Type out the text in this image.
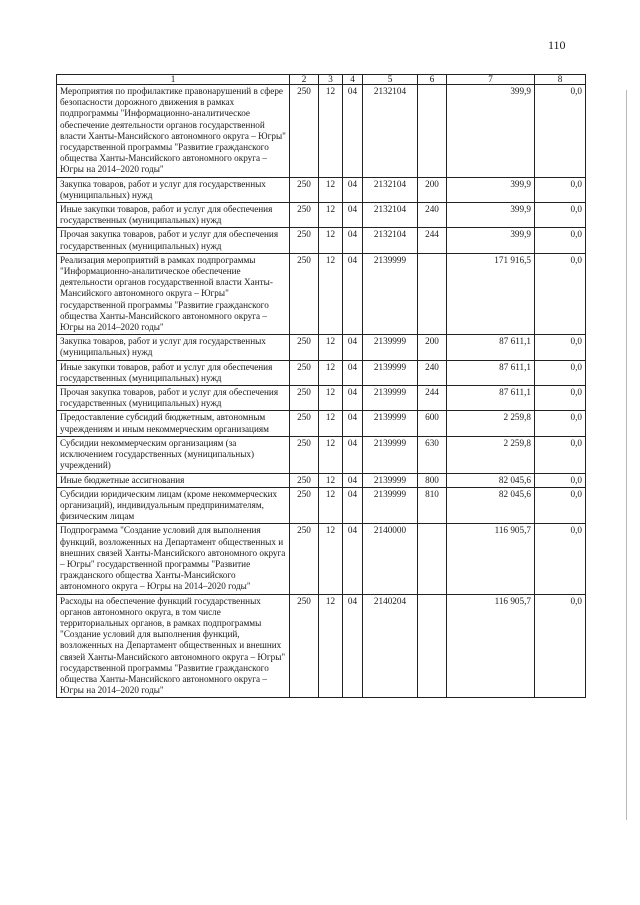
110
1	2	3	4	5	6	7	8
Мероприятия по профилактике правонарушений в сфере безопасности дорожного движения в рамках подпрограммы "Информационно-аналитическое обеспечение деятельности органов государственной власти Ханты-Мансийского автономного округа – Югры" государственной программы "Развитие гражданского общества Ханты-Мансийского автономного округа – Югры на 2014–2020 годы"	250	12	04	2132104		399,9	0,0
Закупка товаров, работ и услуг для государственных (муниципальных) нужд	250	12	04	2132104	200	399,9	0,0
Иные закупки товаров, работ и услуг для обеспечения государственных (муниципальных) нужд	250	12	04	2132104	240	399,9	0,0
Прочая закупка товаров, работ и услуг для обеспечения государственных (муниципальных) нужд	250	12	04	2132104	244	399,9	0,0
Реализация мероприятий в рамках подпрограммы "Информационно-аналитическое обеспечение деятельности органов государственной власти Ханты-Мансийского автономного округа – Югры" государственной программы "Развитие гражданского общества Ханты-Мансийского автономного округа – Югры на 2014–2020 годы"	250	12	04	2139999		171 916,5	0,0
Закупка товаров, работ и услуг для государственных (муниципальных) нужд	250	12	04	2139999	200	87 611,1	0,0
Иные закупки товаров, работ и услуг для обеспечения государственных (муниципальных) нужд	250	12	04	2139999	240	87 611,1	0,0
Прочая закупка товаров, работ и услуг для обеспечения государственных (муниципальных) нужд	250	12	04	2139999	244	87 611,1	0,0
Предоставление субсидий бюджетным, автономным учреждениям и иным некоммерческим организациям	250	12	04	2139999	600	2 259,8	0,0
Субсидии некоммерческим организациям (за исключением государственных (муниципальных) учреждений)	250	12	04	2139999	630	2 259,8	0,0
Иные бюджетные ассигнования	250	12	04	2139999	800	82 045,6	0,0
Субсидии юридическим лицам (кроме некоммерческих организаций), индивидуальным предпринимателям, физическим лицам	250	12	04	2139999	810	82 045,6	0,0
Подпрограмма "Создание условий для выполнения функций, возложенных на Департамент общественных и внешних связей Ханты-Мансийского автономного округа – Югры" государственной программы "Развитие гражданского общества Ханты-Мансийского автономного округа – Югры на 2014–2020 годы"	250	12	04	2140000		116 905,7	0,0
Расходы на обеспечение функций государственных органов автономного округа, в том числе территориальных органов, в рамках подпрограммы "Создание условий для выполнения функций, возложенных на Департамент общественных и внешних связей Ханты-Мансийского автономного округа – Югры" государственной программы "Развитие гражданского общества Ханты-Мансийского автономного округа – Югры на 2014–2020 годы"	250	12	04	2140204		116 905,7	0,0
